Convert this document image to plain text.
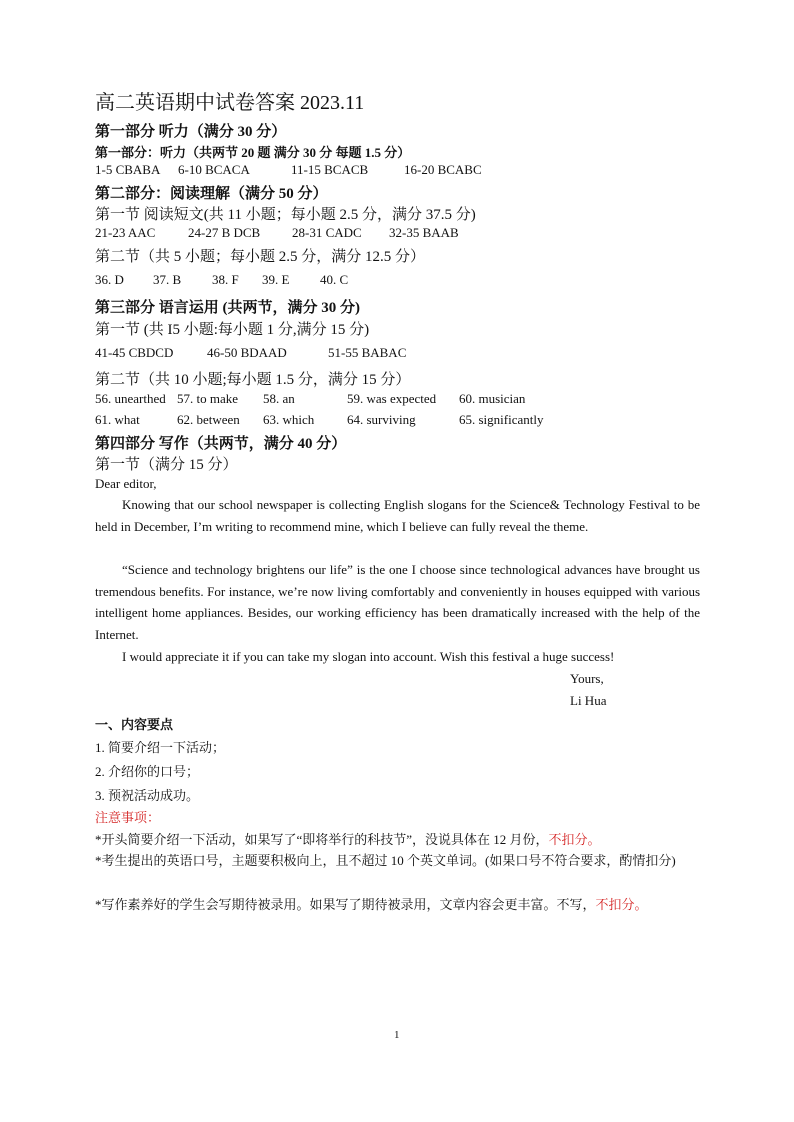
高二英语期中试卷答案 2023.11
第一部分 听力（满分 30 分）
第一部分：听力（共两节 20 题 满分 30 分 每题 1.5 分）
1-5 CBABA 6-10 BCACA	11-15 BCACB	16-20 BCABC
第二部分：阅读理解（满分 50 分）
第一节 阅读短文(共 11 小题；每小题 2.5 分，满分 37.5 分)
21-23 AAC	24-27 B DCB 28-31 CADC 32-35 BAAB
第二节（共 5 小题；每小题 2.5 分，满分 12.5 分）
36. D 37. B 38. F 39. E 40. C
第三部分 语言运用 (共两节，满分 30 分)
第一节 (共 I5 小题:每小题 1 分,满分 15 分)
41-45 CBDCD	46-50 BDAAD	51-55 BABAC
第二节（共 10 小题;每小题 1.5 分，满分 15 分）
56. unearthed 57. to make 58. an	59. was expected 60. musician
61. what	62. between 63. which	64. surviving	65. significantly
第四部分 写作（共两节，满分 40 分）
第一节（满分 15 分）
Dear editor,
Knowing that our school newspaper is collecting English slogans for the Science& Technology Festival to be held in December, I’m writing to recommend mine, which I believe can fully reveal the theme.
“Science and technology brightens our life” is the one I choose since technological advances have brought us tremendous benefits. For instance, we’re now living comfortably and conveniently in houses equipped with various intelligent home appliances. Besides, our working efficiency has been dramatically increased with the help of the Internet.
I would appreciate it if you can take my slogan into account. Wish this festival a huge success!
Yours,
Li Hua
一、内容要点
1. 简要介绍一下活动；
2. 介绍你的口号；
3. 预祝活动成功。
注意事项：
*开头简要介绍一下活动，如果写了“即将举行的科技节”，没说具体在 12 月份，不扣分。
*考生提出的英语口号，主题要积极向上，且不超过 10 个英文单词。(如果口号不符合要求，酌情扣分)
*写作素养好的学生会写期待被录用。如果写了期待被录用，文章内容会更丰富。不写，不扣分。
1
